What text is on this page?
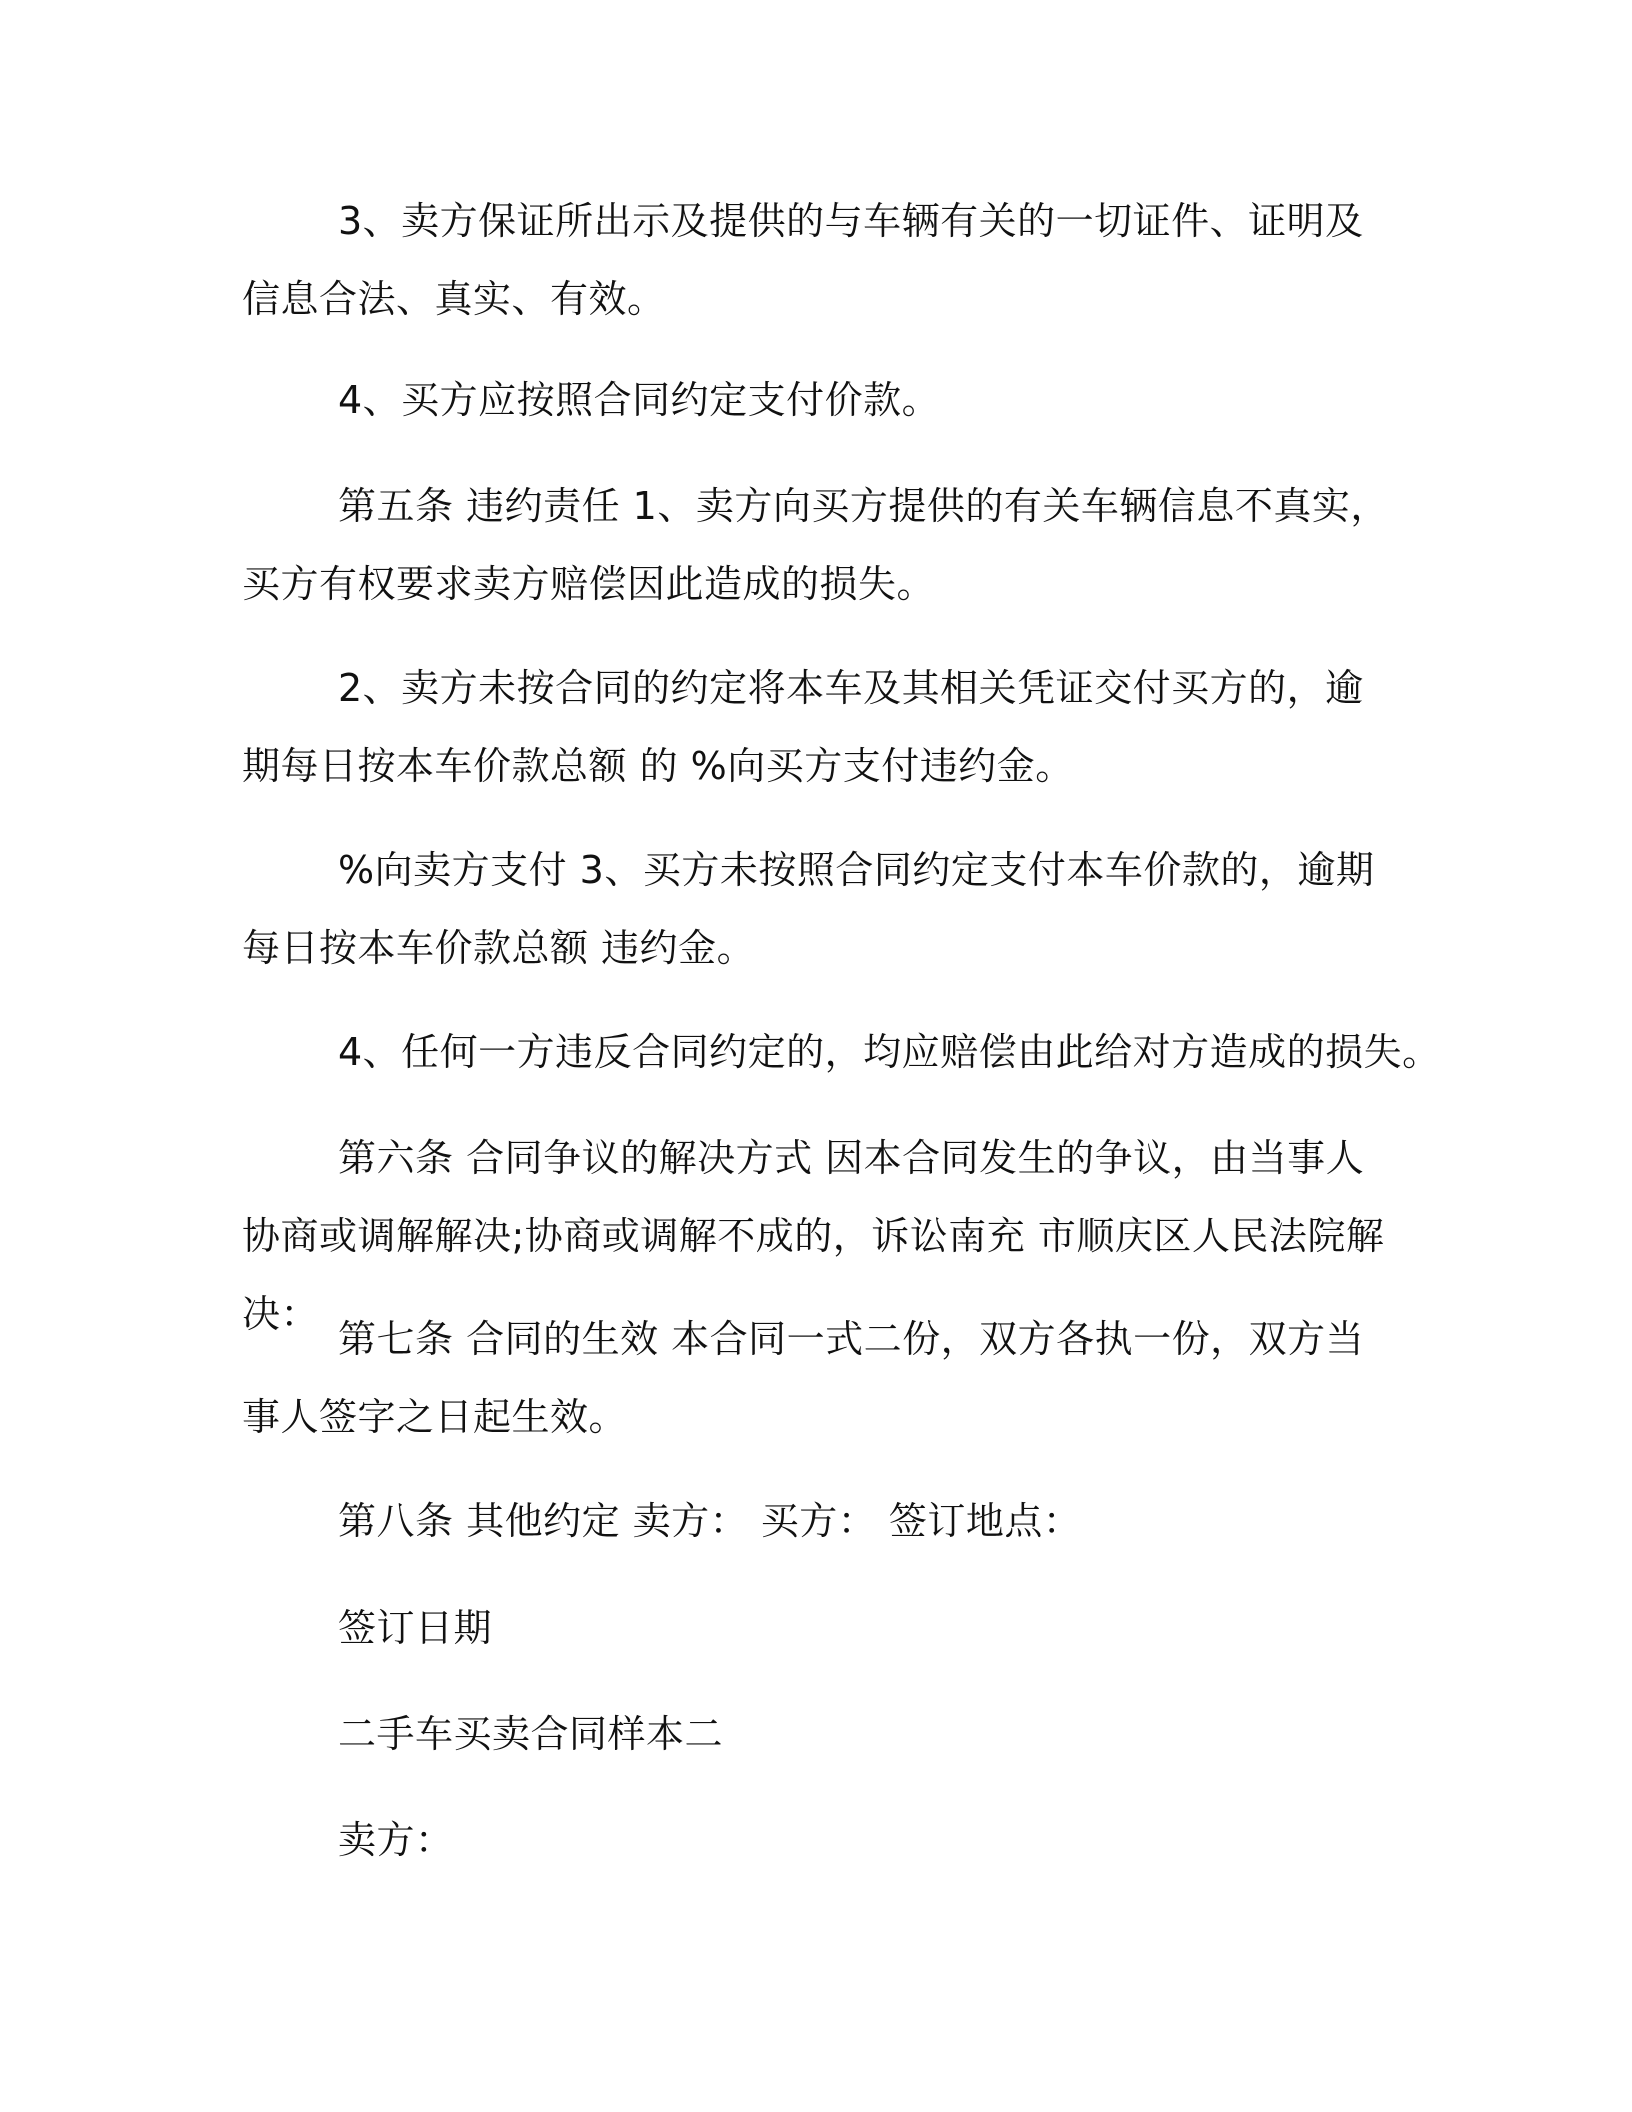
3、卖方保证所出示及提供的与车辆有关的一切证件、证明及信息合法、真实、有效。

4、买方应按照合同约定支付价款。

第五条 违约责任 1、卖方向买方提供的有关车辆信息不真实，买方有权要求卖方赔偿因此造成的损失。

2、卖方未按合同的约定将本车及其相关凭证交付买方的，逾期每日按本车价款总额 的 %向买方支付违约金。

%向卖方支付 3、买方未按照合同约定支付本车价款的，逾期每日按本车价款总额 违约金。

4、任何一方违反合同约定的，均应赔偿由此给对方造成的损失。

第六条 合同争议的解决方式 因本合同发生的争议，由当事人协商或调解解决;协商或调解不成的，诉讼南充 市顺庆区人民法院解决：

第七条 合同的生效 本合同一式二份，双方各执一份，双方当事人签字之日起生效。

第八条 其他约定 卖方： 买方： 签订地点：

签订日期

二手车买卖合同样本二

卖方：
